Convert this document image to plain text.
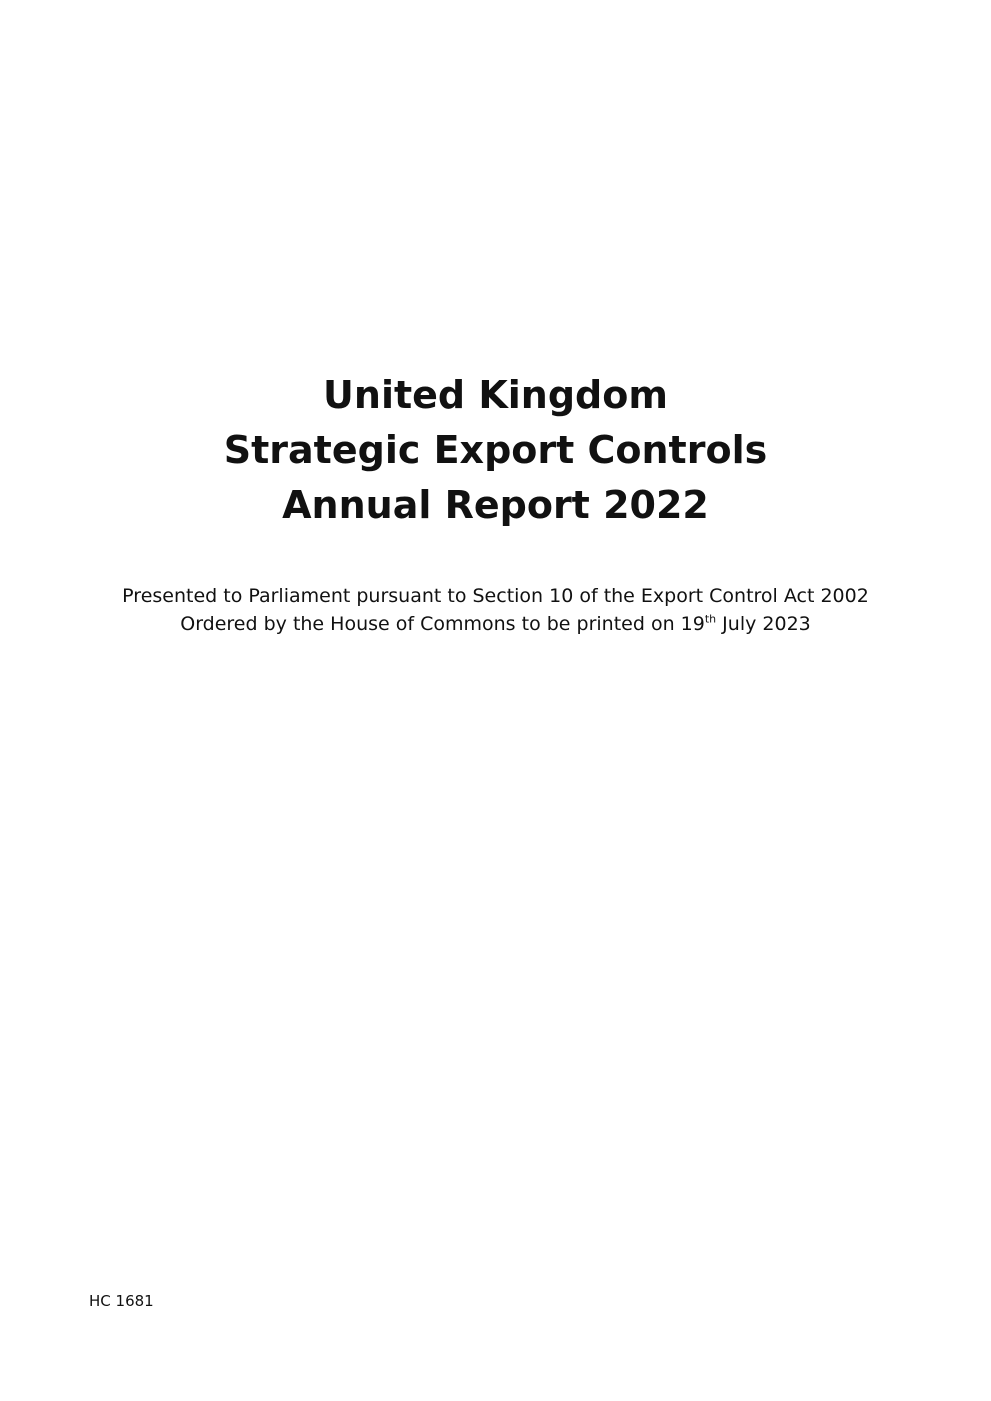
United Kingdom
Strategic Export Controls
Annual Report 2022
Presented to Parliament pursuant to Section 10 of the Export Control Act 2002
Ordered by the House of Commons to be printed on 19th July 2023
HC 1681
